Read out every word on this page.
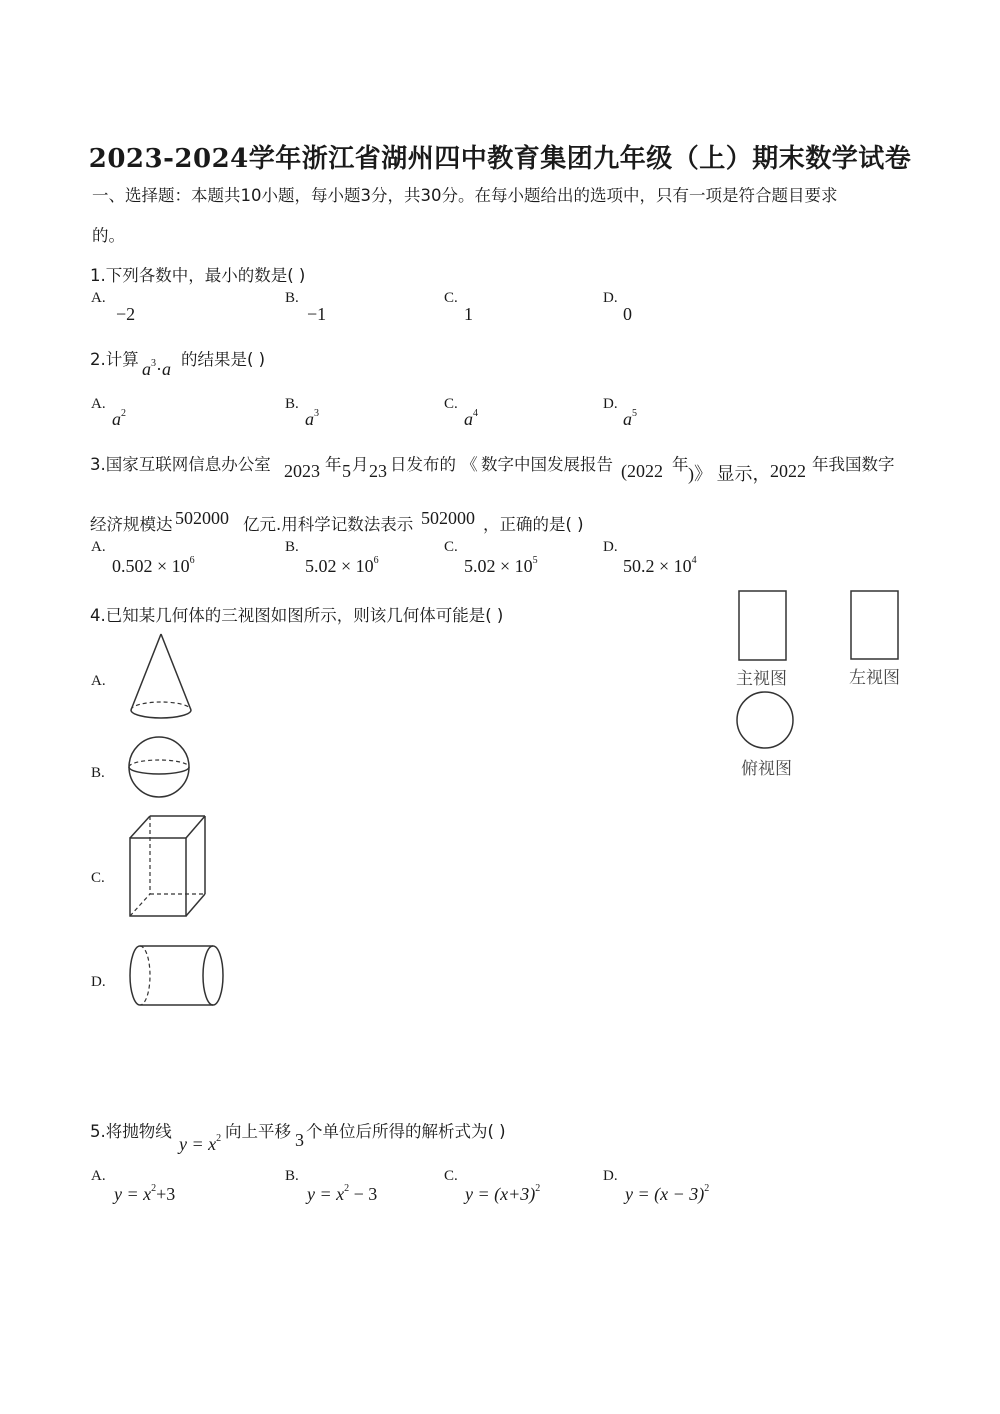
2023-2024学年浙江省湖州四中教育集团九年级（上）期末数学试卷
一、选择题：本题共10小题，每小题3分，共30分。在每小题给出的选项中，只有一项是符合题目要求
的。
1.下列各数中，最小的数是( )
A.
−2
B.
−1
C.
1
D.
0
2.计算 $a^3\cdot a$ 的结果是( )
A.
$a^2$
B.
$a^3$
C.
$a^4$
D.
$a^5$
3.国家互联网信息办公室 2023 年 5 月 23 日发布的 《 数字中国发展报告 (2022 年 )》 显示， 2022 年我国数字
经济规模达 502000 亿元.用科学记数法表示 502000 ，正确的是( )
A.
$0.502 \times 10^6$
B.
$5.02 \times 10^6$
C.
$5.02 \times 10^5$
D.
$50.2 \times 10^4$
4.已知某几何体的三视图如图所示，则该几何体可能是( )
主视图	左视图
俯视图
A.
B.
C.
D.
5.将抛物线
$y = x^2$ 向上平移 3 个单位后所得的解析式为( )
A.
$y = x^2+3$
B.
$y = x^2 - 3$
C.
$y = (x+3)^2$
D.
$y = (x - 3)^2$
